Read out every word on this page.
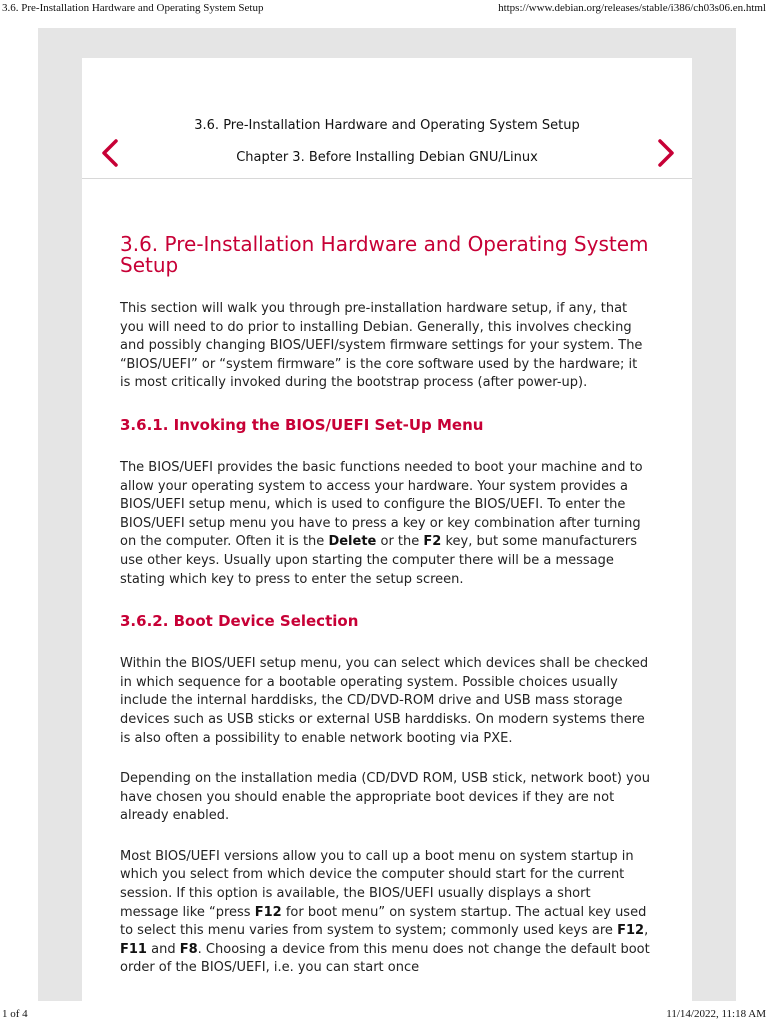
3.6. Pre-Installation Hardware and Operating System Setup	https://www.debian.org/releases/stable/i386/ch03s06.en.html
3.6. Pre-Installation Hardware and Operating System Setup
Chapter 3. Before Installing Debian GNU/Linux
3.6. Pre-Installation Hardware and Operating System Setup

This section will walk you through pre-installation hardware setup, if any, that you will need to do prior to installing Debian. Generally, this involves checking and possibly changing BIOS/UEFI/system firmware settings for your system. The “BIOS/UEFI” or “system firmware” is the core software used by the hardware; it is most critically invoked during the bootstrap process (after power-up).

3.6.1. Invoking the BIOS/UEFI Set-Up Menu

The BIOS/UEFI provides the basic functions needed to boot your machine and to allow your operating system to access your hardware. Your system provides a BIOS/UEFI setup menu, which is used to configure the BIOS/UEFI. To enter the BIOS/UEFI setup menu you have to press a key or key combination after turning on the computer. Often it is the Delete or the F2 key, but some manufacturers use other keys. Usually upon starting the computer there will be a message stating which key to press to enter the setup screen.

3.6.2. Boot Device Selection

Within the BIOS/UEFI setup menu, you can select which devices shall be checked in which sequence for a bootable operating system. Possible choices usually include the internal harddisks, the CD/DVD-ROM drive and USB mass storage devices such as USB sticks or external USB harddisks. On modern systems there is also often a possibility to enable network booting via PXE.

Depending on the installation media (CD/DVD ROM, USB stick, network boot) you have chosen you should enable the appropriate boot devices if they are not already enabled.

Most BIOS/UEFI versions allow you to call up a boot menu on system startup in which you select from which device the computer should start for the current session. If this option is available, the BIOS/UEFI usually displays a short message like “press F12 for boot menu” on system startup. The actual key used to select this menu varies from system to system; commonly used keys are F12, F11 and F8. Choosing a device from this menu does not change the default boot order of the BIOS/UEFI, i.e. you can start once

1 of 4	11/14/2022, 11:18 AM
